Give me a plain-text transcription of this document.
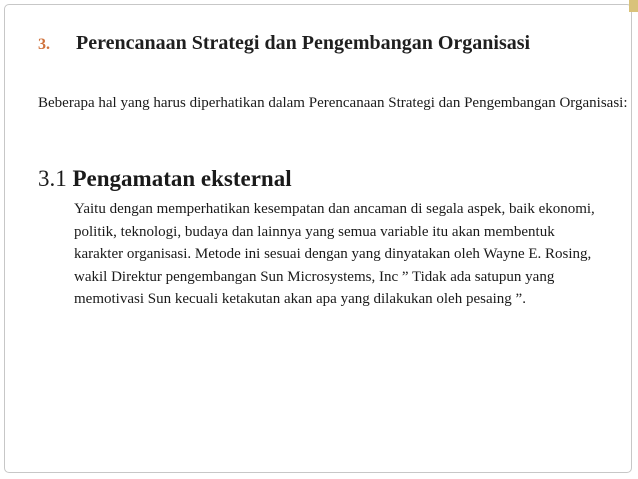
3. Perencanaan Strategi dan Pengembangan Organisasi

Beberapa hal yang harus diperhatikan dalam Perencanaan Strategi dan Pengembangan Organisasi:

3.1 Pengamatan eksternal

Yaitu dengan memperhatikan kesempatan dan ancaman di segala aspek, baik ekonomi, politik, teknologi, budaya dan lainnya yang semua variable itu akan membentuk karakter organisasi. Metode ini sesuai dengan yang dinyatakan oleh Wayne E. Rosing, wakil Direktur pengembangan Sun Microsystems, Inc ” Tidak ada satupun yang memotivasi Sun kecuali ketakutan akan apa yang dilakukan oleh pesaing ”.
